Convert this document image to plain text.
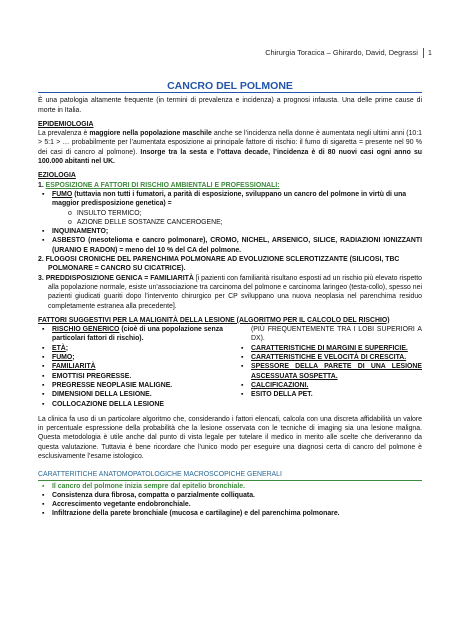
Chirurgia Toracica – Ghirardo, David, Degrassi 1
CANCRO DEL POLMONE

È una patologia altamente frequente (in termini di prevalenza e incidenza) a prognosi infausta. Una delle prime cause di morte in Italia.

EPIDEMIOLOGIA

La prevalenza è maggiore nella popolazione maschile anche se l’incidenza nella donne è aumentata negli ultimi anni (10:1 > 5:1 > … probabilmente per l’aumentata esposizione ai principale fattore di rischio: il fumo di sigaretta = presente nel 90 % dei casi di cancro al polmone). Insorge tra la sesta e l’ottava decade, l’incidenza è di 80 nuovi casi ogni anno su 100.000 abitanti nel UK.

EZIOLOGIA
1. ESPOSIZIONE A FATTORI DI RISCHIO AMBIENTALI E PROFESSIONALI:
▪ FUMO (tuttavia non tutti i fumatori, a parità di esposizione, sviluppano un cancro del polmone in virtù di una maggior predisposizione genetica) =
o INSULTO TERMICO;
o AZIONE DELLE SOSTANZE CANCEROGENE;
▪ INQUINAMENTO;
▪ ASBESTO (mesotelioma e cancro polmonare), CROMO, NICHEL, ARSENICO, SILICE, RADIAZIONI IONIZZANTI (URANIO E RADON) = meno del 10 % del CA del polmone.
2. FLOGOSI CRONICHE DEL PARENCHIMA POLMONARE AD EVOLUZIONE SCLEROTIZZANTE (SILICOSI, TBC POLMONARE = CANCRO SU CICATRICE).

3. PREDDISPOSIZIONE GENICA = FAMILIARITÀ [i pazienti con familiarità risultano esposti ad un rischio più elevato rispetto alla popolazione normale, esiste un’associazione tra carcinoma del polmone e carcinoma laringeo (testa-collo), spesso nei pazienti giudicati guariti dopo l’intervento chirurgico per CP sviluppano una nuova neoplasia nel parenchima residuo completamente estranea alla precedente].

FATTORI SUGGESTIVI PER LA MALIGNITÀ DELLA LESIONE (ALGORITMO PER IL CALCOLO DEL RISCHIO)
▪ RISCHIO GENERICO (cioè di una popolazione senza particolari fattori di rischio).
▪ ETÀ;
▪ FUMO;
▪ FAMILIARITÀ
▪ EMOTTISI PREGRESSE.
▪ PREGRESSE NEOPLASIE MALIGNE.
▪ DIMENSIONI DELLA LESIONE.
▪ COLLOCAZIONE DELLA LESIONE
(PIÙ FREQUENTEMENTE TRA I LOBI SUPERIORI A DX).
▪ CARATTERISTICHE DI MARGINI E SUPERFICIE.
▪ CARATTERISTICHE E VELOCITÀ DI CRESCITA.
▪ SPESSORE DELLA PARETE DI UNA LESIONE ASCESSUATA SOSPETTA.
▪ CALCIFICAZIONI.
▪ ESITO DELLA PET.

La clinica fa uso di un particolare algoritmo che, considerando i fattori elencati, calcola con una discreta affidabilità un valore in percentuale espressione della probabilità che la lesione osservata con le tecniche di imaging sia una lesione maligna. Questa metodologia è utile anche dal punto di vista legale per tutelare il medico in merito alle scelte che deriveranno da questa valutazione. Tuttavia è bene ricordare che l’unico modo per eseguire una diagnosi certa di cancro del polmone è esclusivamente l’esame istologico.

CARATTERITICHE ANATOMOPATOLOGICHE MACROSCOPICHE GENERALI
▪ Il cancro del polmone inizia sempre dal epitelio bronchiale.
▪ Consistenza dura fibrosa, compatta o parzialmente colliquata.
▪ Accrescimento vegetante endobronchiale.
▪ Infiltrazione della parete bronchiale (mucosa e cartilagine) e del parenchima polmonare.
